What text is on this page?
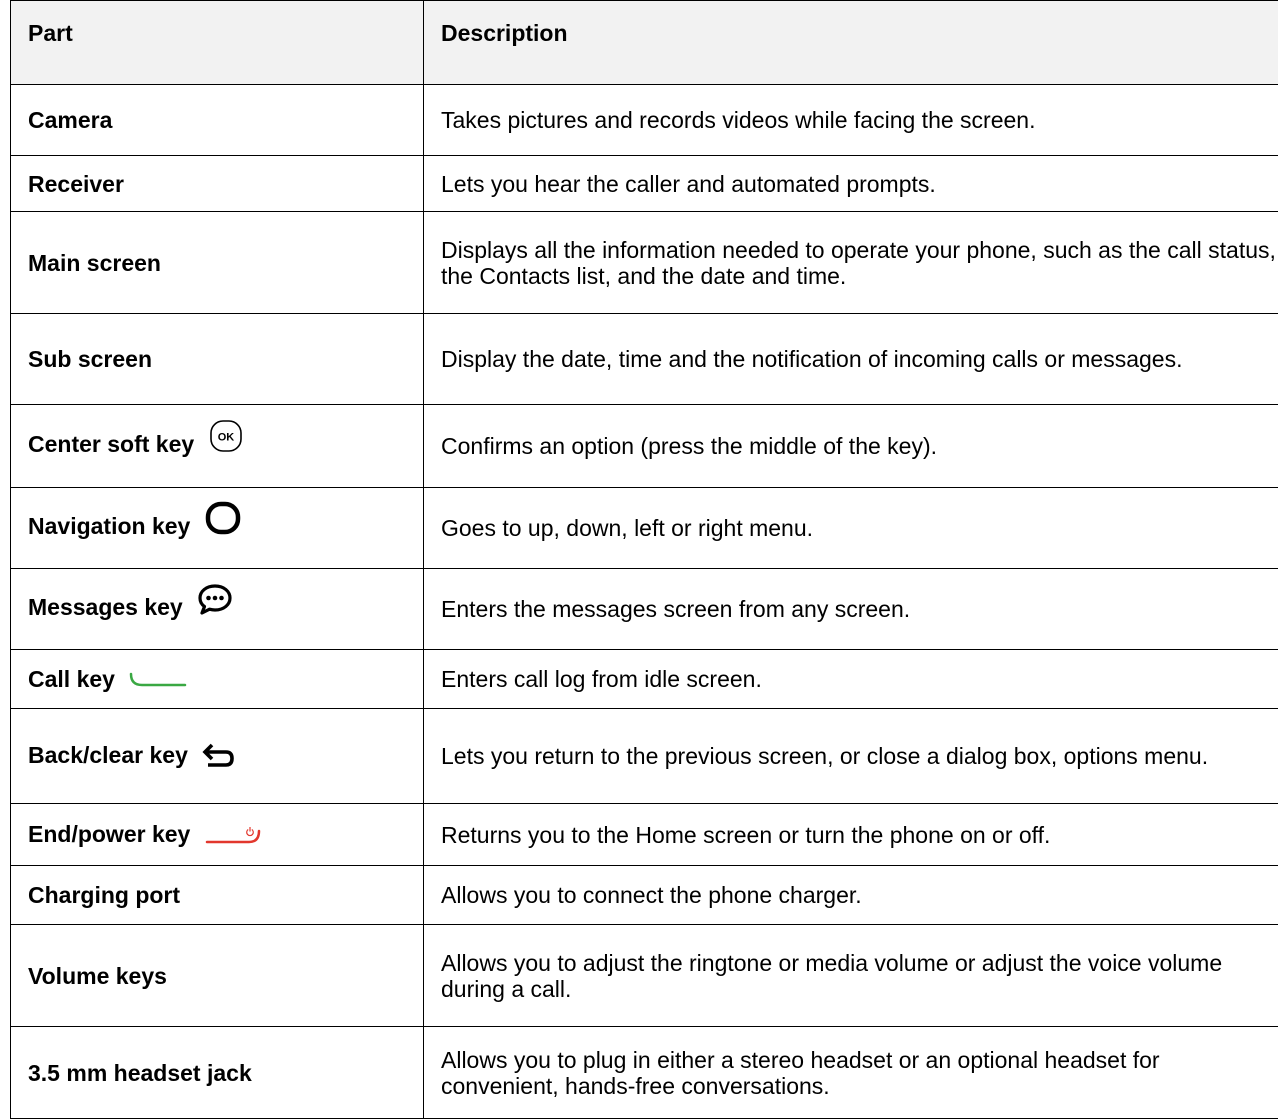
Part	Description
Camera	Takes pictures and records videos while facing the screen.
Receiver	Lets you hear the caller and automated prompts.
Main screen	Displays all the information needed to operate your phone, such as the call status, the Contacts list, and the date and time.
Sub screen	Display the date, time and the notification of incoming calls or messages.
Center soft key OK	Confirms an option (press the middle of the key).
Navigation key	Goes to up, down, left or right menu.
Messages key	Enters the messages screen from any screen.
Call key	Enters call log from idle screen.
Back/clear key	Lets you return to the previous screen, or close a dialog box, options menu.
End/power key	Returns you to the Home screen or turn the phone on or off.
Charging port	Allows you to connect the phone charger.
Volume keys	Allows you to adjust the ringtone or media volume or adjust the voice volume during a call.
3.5 mm headset jack	Allows you to plug in either a stereo headset or an optional headset for convenient, hands-free conversations.
